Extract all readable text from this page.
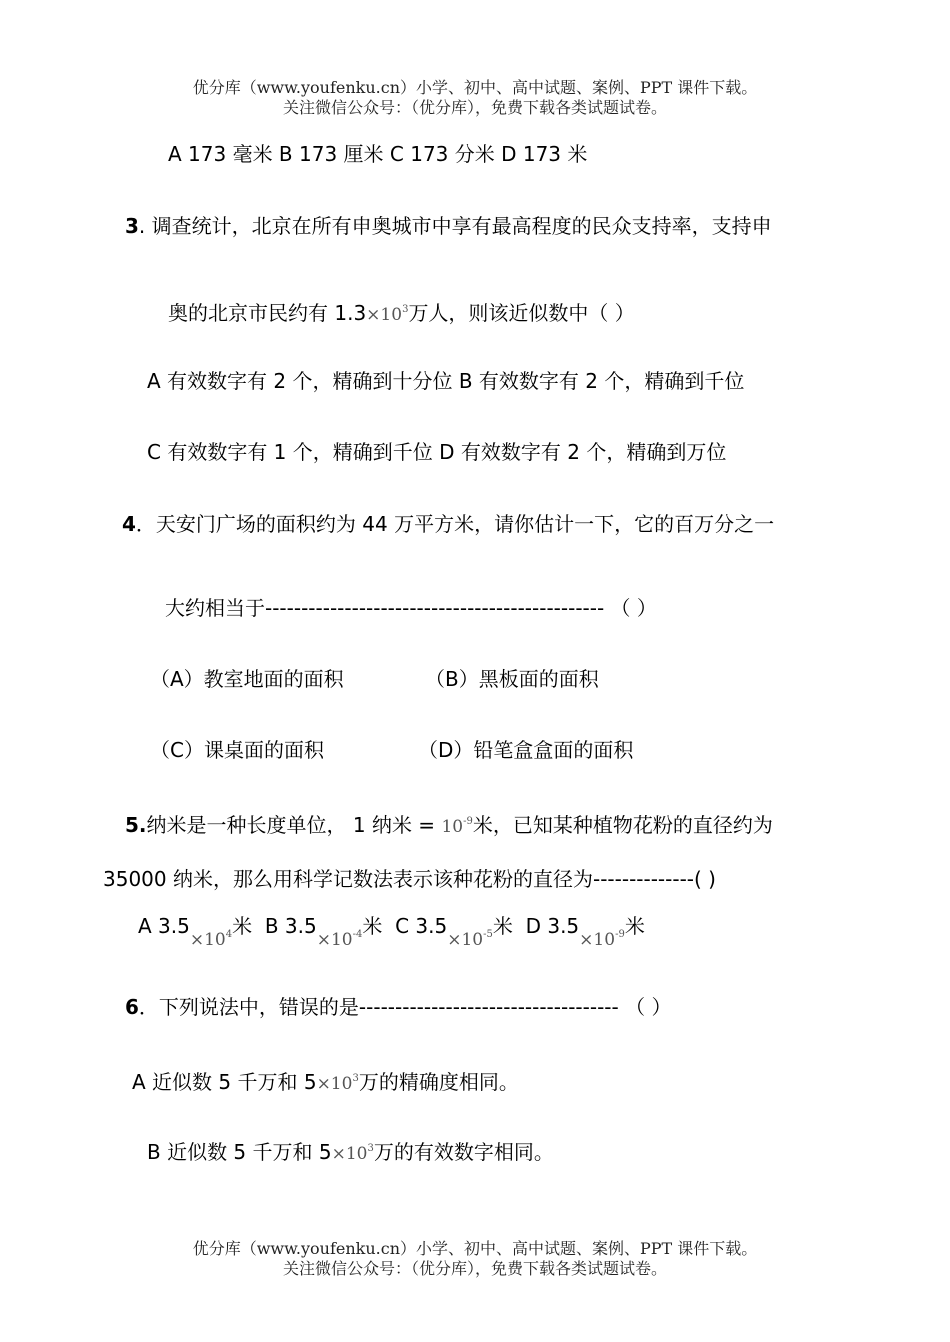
优分库（www.youfenku.cn）小学、初中、高中试题、案例、PPT 课件下载。
关注微信公众号：（优分库），免费下载各类试题试卷。
A 173 毫米 B 173 厘米 C 173 分米 D 173 米
3. 调查统计，北京在所有申奥城市中享有最高程度的民众支持率，支持申
奥的北京市民约有 $1.3\times 10^3$万人，则该近似数中（ ）
A 有效数字有 2 个，精确到十分位 B 有效数字有 2 个，精确到千位
C 有效数字有 1 个，精确到千位 D 有效数字有 2 个，精确到万位
4．天安门广场的面积约为 44 万平方米，请你估计一下，它的百万分之一
大约相当于----------------------------------------------- （ ）
（A）教室地面的面积	（B）黑板面的面积
（C）课桌面的面积	（D）铅笔盒盒面的面积
5.纳米是一种长度单位， 1 纳米 = $10^{-9}$米，已知某种植物花粉的直径约为
35000 纳米，那么用科学记数法表示该种花粉的直径为--------------( )
A $3.5_{\times 10^4}$米 B $3.5_{\times 10^{-4}}$米 C $3.5_{\times 10^{-5}}$米 D $3.5_{\times 10^{-9}}$米
6．下列说法中，错误的是------------------------------------ （ ）
A 近似数 5 千万和 $5\times 10^3$万的精确度相同。
B 近似数 5 千万和 $5\times 10^3$万的有效数字相同。
优分库（www.youfenku.cn）小学、初中、高中试题、案例、PPT 课件下载。
关注微信公众号：（优分库），免费下载各类试题试卷。
